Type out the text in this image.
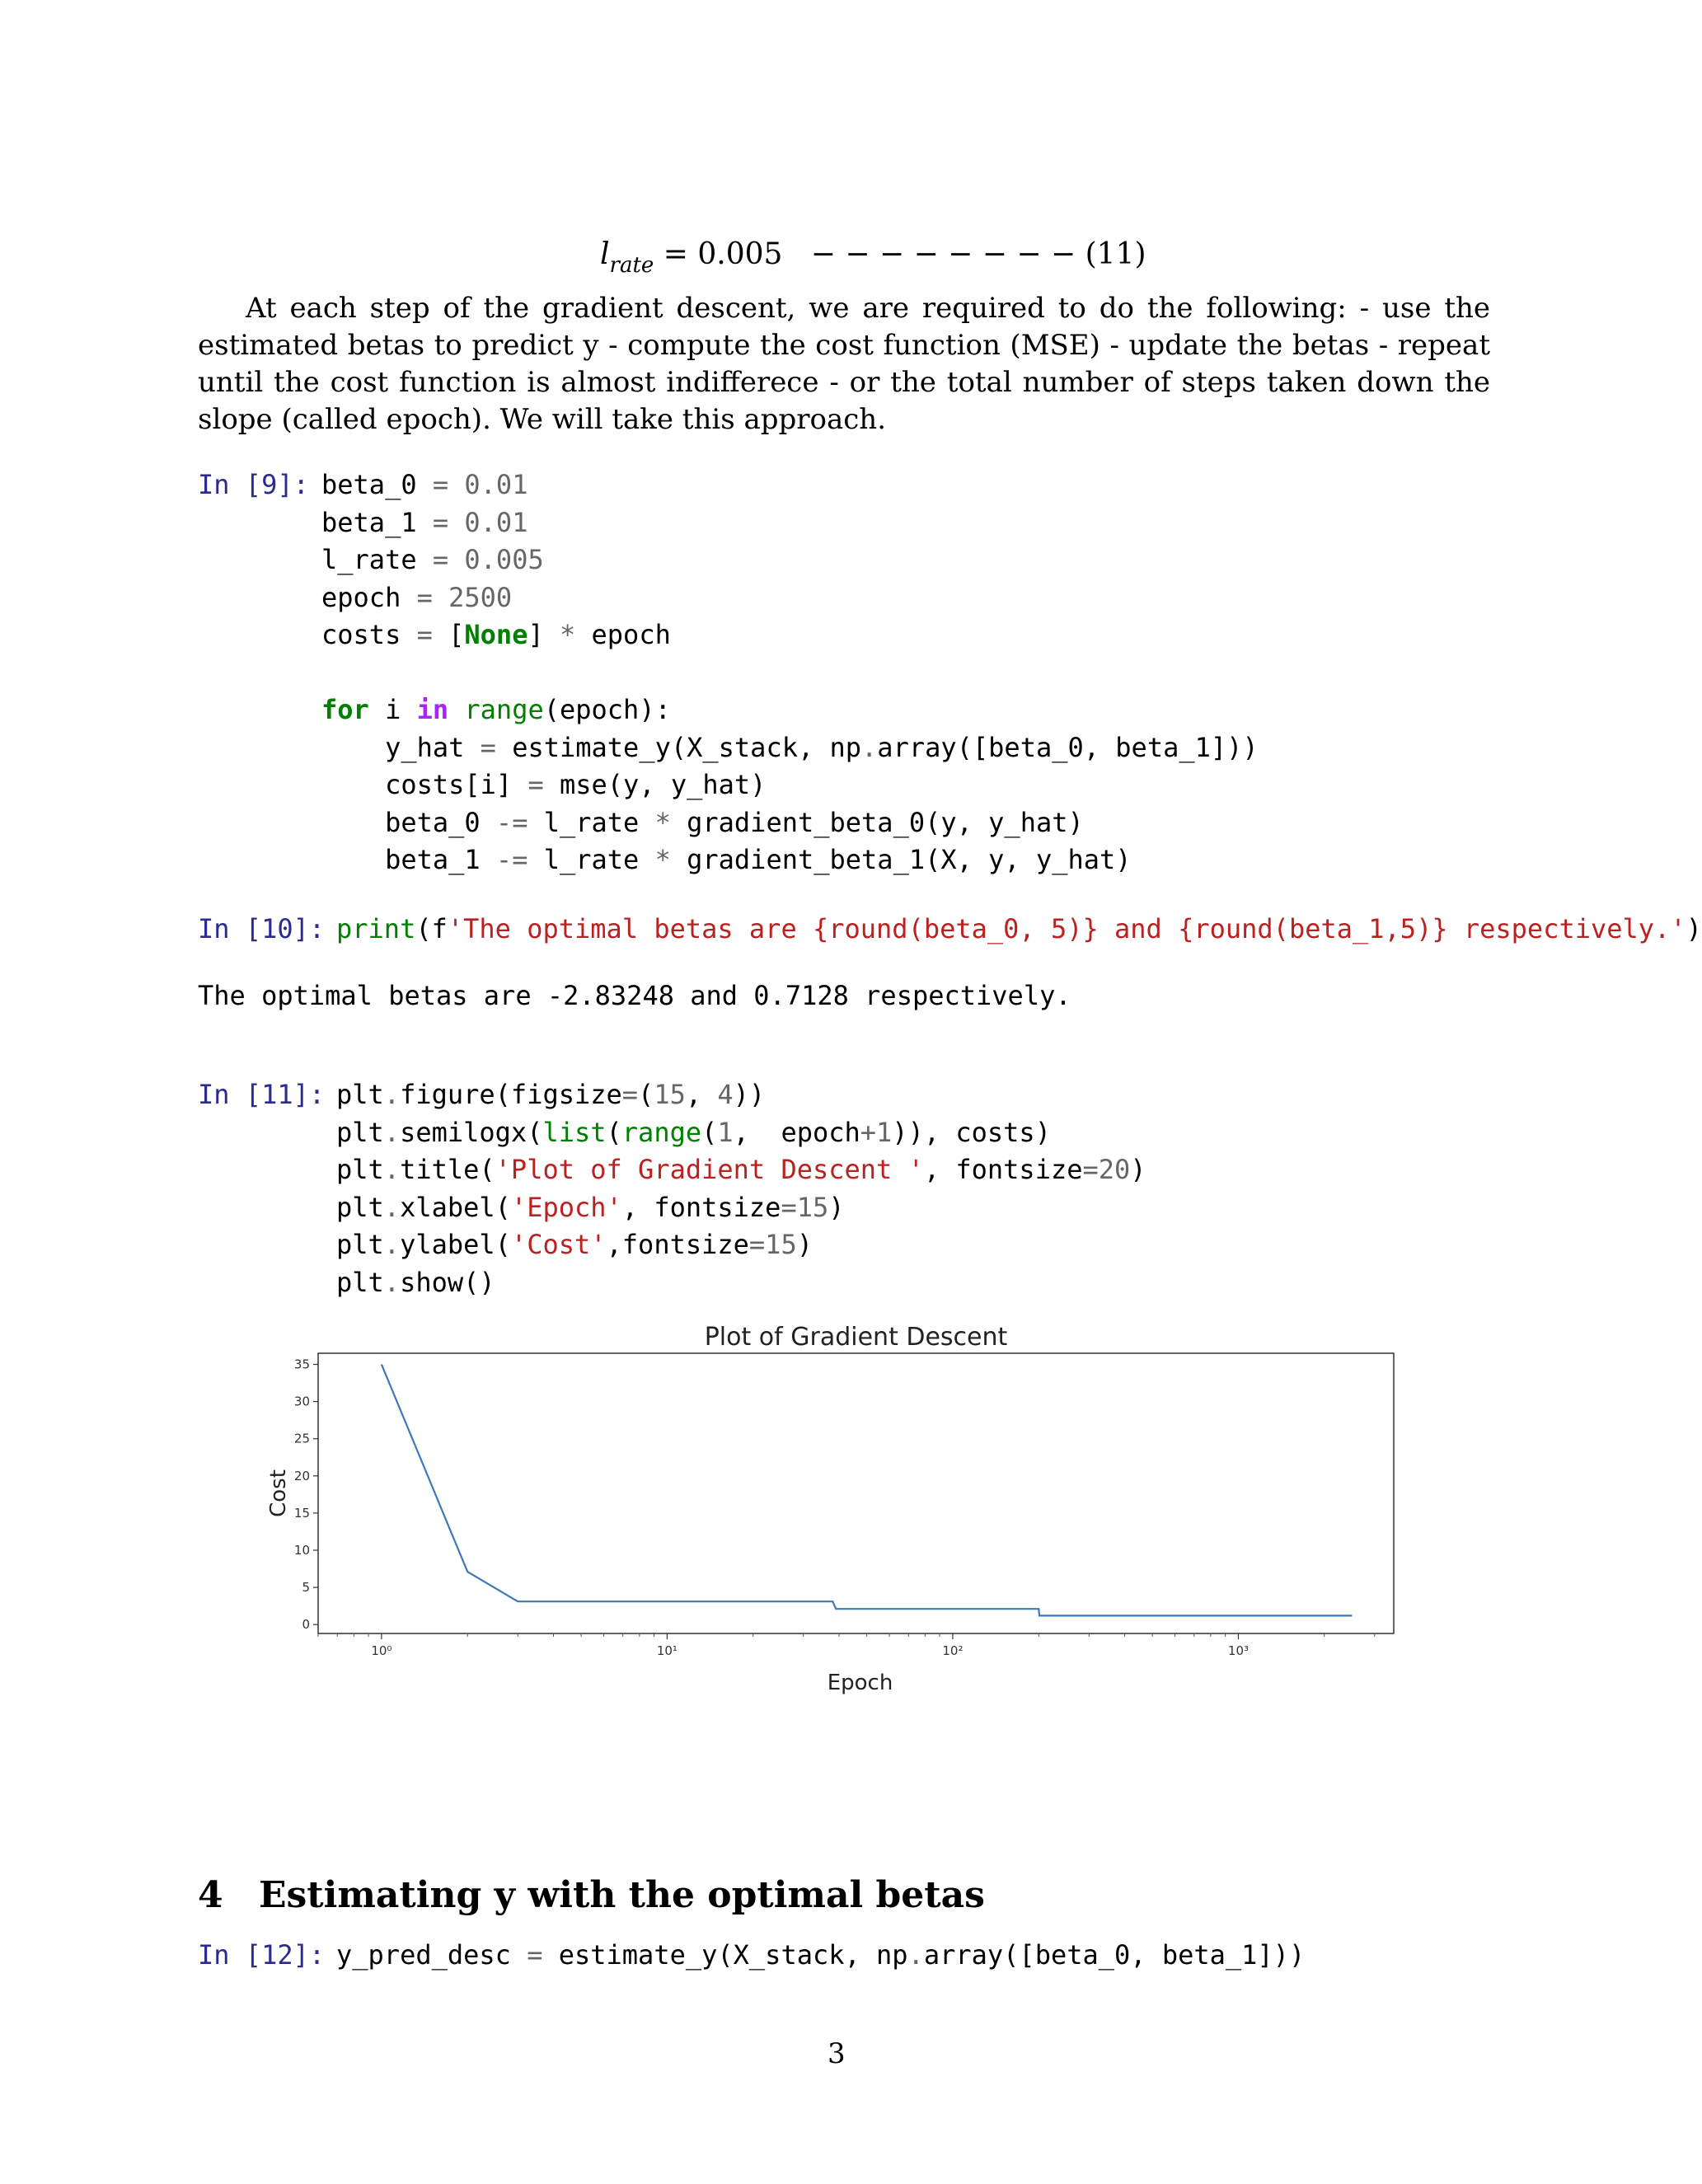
$l_{rate} = 0.005$ − − − − − − − − (11)
At each step of the gradient descent, we are required to do the following: - use the estimated betas to predict y - compute the cost function (MSE) - update the betas - repeat until the cost function is almost indifferece - or the total number of steps taken down the slope (called epoch). We will take this approach.
In [9]: beta_0 = 0.01
beta_1 = 0.01
l_rate = 0.005
epoch = 2500
costs = [None] * epoch

for i in range(epoch):
y_hat = estimate_y(X_stack, np.array([beta_0, beta_1]))
costs[i] = mse(y, y_hat)
beta_0 -= l_rate * gradient_beta_0(y, y_hat)
beta_1 -= l_rate * gradient_beta_1(X, y, y_hat)
In [10]: print(f'The optimal betas are {round(beta_0, 5)} and {round(beta_1,5)} respectively.')
The optimal betas are -2.83248 and 0.7128 respectively.
In [11]: plt.figure(figsize=(15, 4))
plt.semilogx(list(range(1,  epoch+1)), costs)
plt.title('Plot of Gradient Descent ', fontsize=20)
plt.xlabel('Epoch', fontsize=15)
plt.ylabel('Cost',fontsize=15)
plt.show()
Plot of Gradient Descent
0
5
10
15
20
25
30
35
10⁰	10¹	10²	10³
Epoch
Cost
4 Estimating y with the optimal betas
In [12]: y_pred_desc = estimate_y(X_stack, np.array([beta_0, beta_1]))
3
